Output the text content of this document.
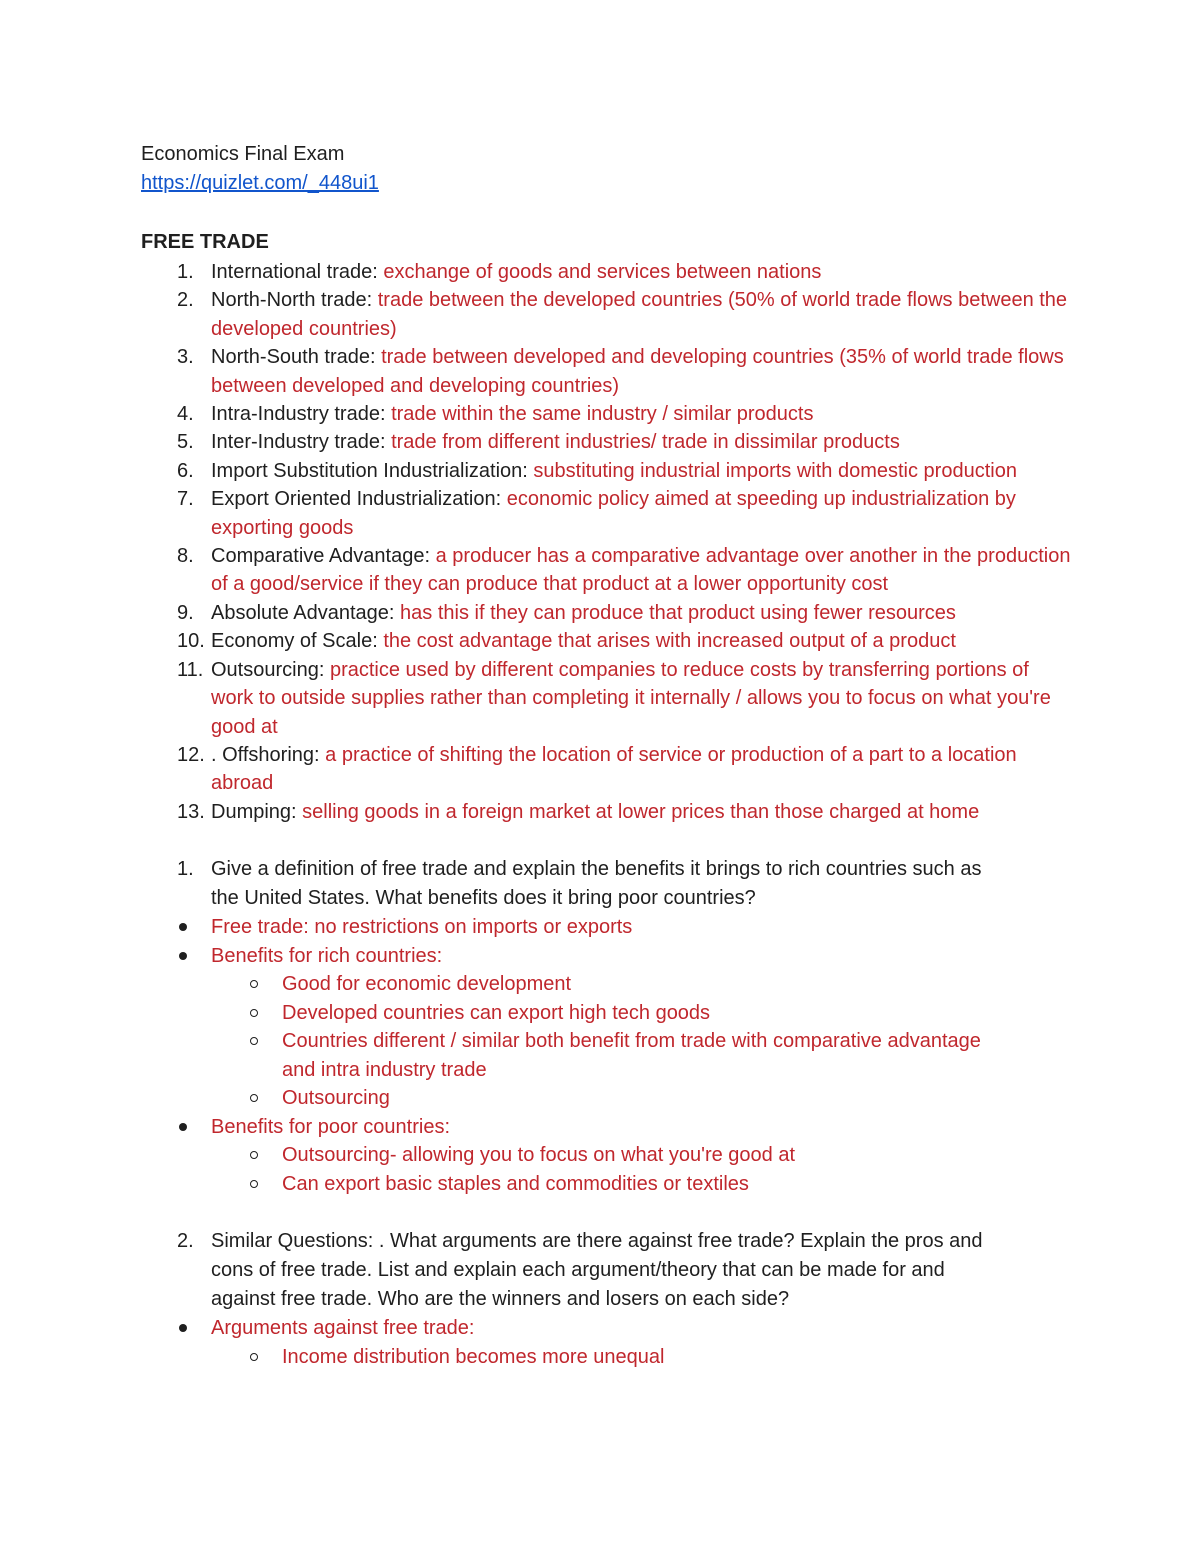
Economics Final Exam
https://quizlet.com/_448ui1
FREE TRADE
1. International trade: exchange of goods and services between nations
2. North-North trade: trade between the developed countries (50% of world trade flows between the developed countries)
3. North-South trade: trade between developed and developing countries (35% of world trade flows between developed and developing countries)
4. Intra-Industry trade: trade within the same industry / similar products
5. Inter-Industry trade: trade from different industries/ trade in dissimilar products
6. Import Substitution Industrialization: substituting industrial imports with domestic production
7. Export Oriented Industrialization: economic policy aimed at speeding up industrialization by exporting goods
8. Comparative Advantage: a producer has a comparative advantage over another in the production of a good/service if they can produce that product at a lower opportunity cost
9. Absolute Advantage: has this if they can produce that product using fewer resources
10. Economy of Scale: the cost advantage that arises with increased output of a product
11. Outsourcing: practice used by different companies to reduce costs by transferring portions of work to outside supplies rather than completing it internally / allows you to focus on what you're good at
12. . Offshoring: a practice of shifting the location of service or production of a part to a location abroad
13. Dumping: selling goods in a foreign market at lower prices than those charged at home
1. Give a definition of free trade and explain the benefits it brings to rich countries such as
the United States. What benefits does it bring poor countries?
Free trade: no restrictions on imports or exports
Benefits for rich countries:
Good for economic development
Developed countries can export high tech goods
Countries different / similar both benefit from trade with comparative advantage
and intra industry trade
Outsourcing
Benefits for poor countries:
Outsourcing- allowing you to focus on what you're good at
Can export basic staples and commodities or textiles
2. Similar Questions: . What arguments are there against free trade? Explain the pros and
cons of free trade. List and explain each argument/theory that can be made for and
against free trade. Who are the winners and losers on each side?
Arguments against free trade:
Income distribution becomes more unequal
